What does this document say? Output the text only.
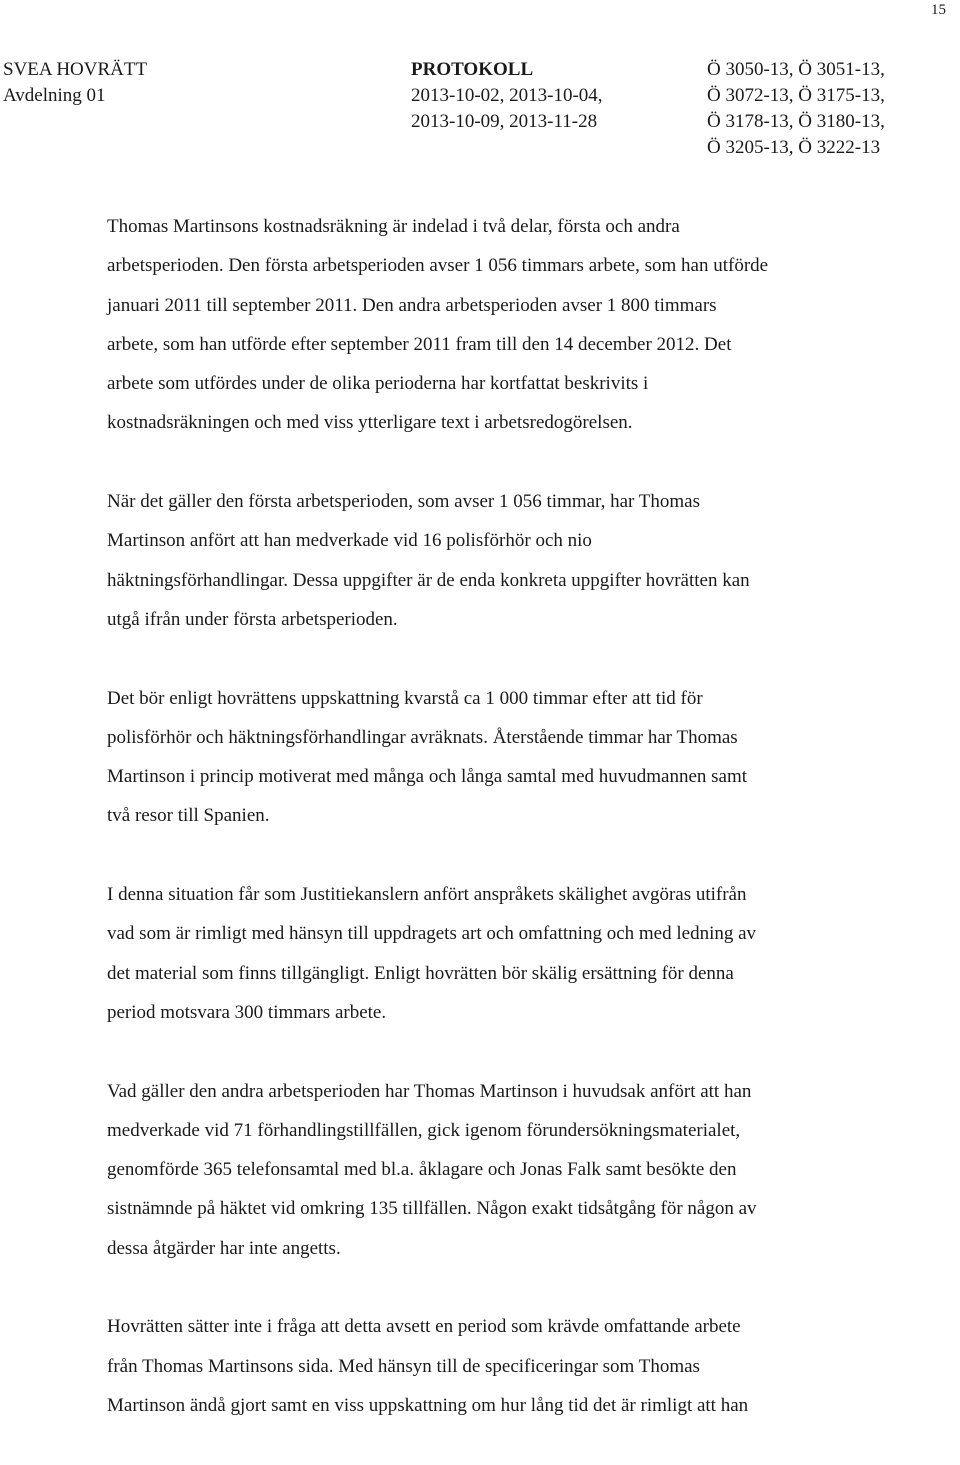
15
SVEA HOVRÄTT
Avdelning 01
PROTOKOLL
2013-10-02, 2013-10-04,
2013-10-09, 2013-11-28
Ö 3050-13, Ö 3051-13,
Ö 3072-13, Ö 3175-13,
Ö 3178-13, Ö 3180-13,
Ö 3205-13, Ö 3222-13

Thomas Martinsons kostnadsräkning är indelad i två delar, första och andra
arbetsperioden. Den första arbetsperioden avser 1 056 timmars arbete, som han utförde
januari 2011 till september 2011. Den andra arbetsperioden avser 1 800 timmars
arbete, som han utförde efter september 2011 fram till den 14 december 2012. Det
arbete som utfördes under de olika perioderna har kortfattat beskrivits i
kostnadsräkningen och med viss ytterligare text i arbetsredogörelsen.

När det gäller den första arbetsperioden, som avser 1 056 timmar, har Thomas
Martinson anfört att han medverkade vid 16 polisförhör och nio
häktningsförhandlingar. Dessa uppgifter är de enda konkreta uppgifter hovrätten kan
utgå ifrån under första arbetsperioden.

Det bör enligt hovrättens uppskattning kvarstå ca 1 000 timmar efter att tid för
polisförhör och häktningsförhandlingar avräknats. Återstående timmar har Thomas
Martinson i princip motiverat med många och långa samtal med huvudmannen samt
två resor till Spanien.

I denna situation får som Justitiekanslern anfört anspråkets skälighet avgöras utifrån
vad som är rimligt med hänsyn till uppdragets art och omfattning och med ledning av
det material som finns tillgängligt. Enligt hovrätten bör skälig ersättning för denna
period motsvara 300 timmars arbete.

Vad gäller den andra arbetsperioden har Thomas Martinson i huvudsak anfört att han
medverkade vid 71 förhandlingstillfällen, gick igenom förundersökningsmaterialet,
genomförde 365 telefonsamtal med bl.a. åklagare och Jonas Falk samt besökte den
sistnämnde på häktet vid omkring 135 tillfällen. Någon exakt tidsåtgång för någon av
dessa åtgärder har inte angetts.

Hovrätten sätter inte i fråga att detta avsett en period som krävde omfattande arbete
från Thomas Martinsons sida. Med hänsyn till de specificeringar som Thomas
Martinson ändå gjort samt en viss uppskattning om hur lång tid det är rimligt att han
